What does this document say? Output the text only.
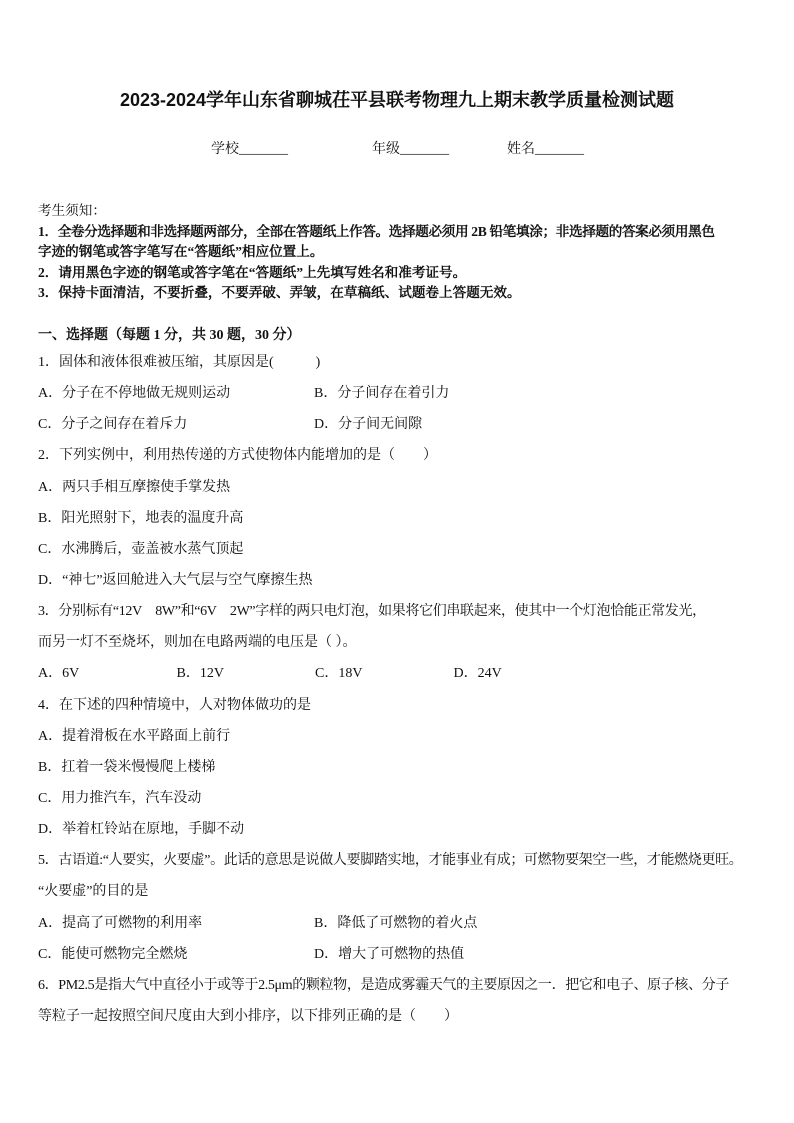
2023-2024学年山东省聊城茌平县联考物理九上期末教学质量检测试题
学校_______	年级_______	姓名_______
考生须知：
1．全卷分选择题和非选择题两部分，全部在答题纸上作答。选择题必须用 2B 铅笔填涂；非选择题的答案必须用黑色
字迹的钢笔或答字笔写在“答题纸”相应位置上。
2．请用黑色字迹的钢笔或答字笔在“答题纸”上先填写姓名和准考证号。
3．保持卡面清洁，不要折叠，不要弄破、弄皱，在草稿纸、试题卷上答题无效。
一、选择题（每题 1 分，共 30 题，30 分）
1．固体和液体很难被压缩，其原因是(　　　)
A．分子在不停地做无规则运动	B．分子间存在着引力
C．分子之间存在着斥力	D．分子间无间隙
2．下列实例中，利用热传递的方式使物体内能增加的是（　　）
A．两只手相互摩擦使手掌发热
B．阳光照射下，地表的温度升高
C．水沸腾后，壶盖被水蒸气顶起
D．“神七”返回舱进入大气层与空气摩擦生热
3．分别标有“12V　8W”和“6V　2W”字样的两只电灯泡，如果将它们串联起来，使其中一个灯泡恰能正常发光，
而另一灯不至烧坏，则加在电路两端的电压是（ ）。
A．6V	B．12V	C．18V	D．24V
4．在下述的四种情境中，人对物体做功的是
A．提着滑板在水平路面上前行
B．扛着一袋米慢慢爬上楼梯
C．用力推汽车，汽车没动
D．举着杠铃站在原地，手脚不动
5．古语道:“人要实，火要虚”。此话的意思是说做人要脚踏实地，才能事业有成；可燃物要架空一些，才能燃烧更旺。
“火要虚”的目的是
A．提高了可燃物的利用率	B．降低了可燃物的着火点
C．能使可燃物完全燃烧	D．增大了可燃物的热值
6．PM2.5是指大气中直径小于或等于2.5μm的颗粒物，是造成雾霾天气的主要原因之一．把它和电子、原子核、分子
等粒子一起按照空间尺度由大到小排序，以下排列正确的是（　　）
